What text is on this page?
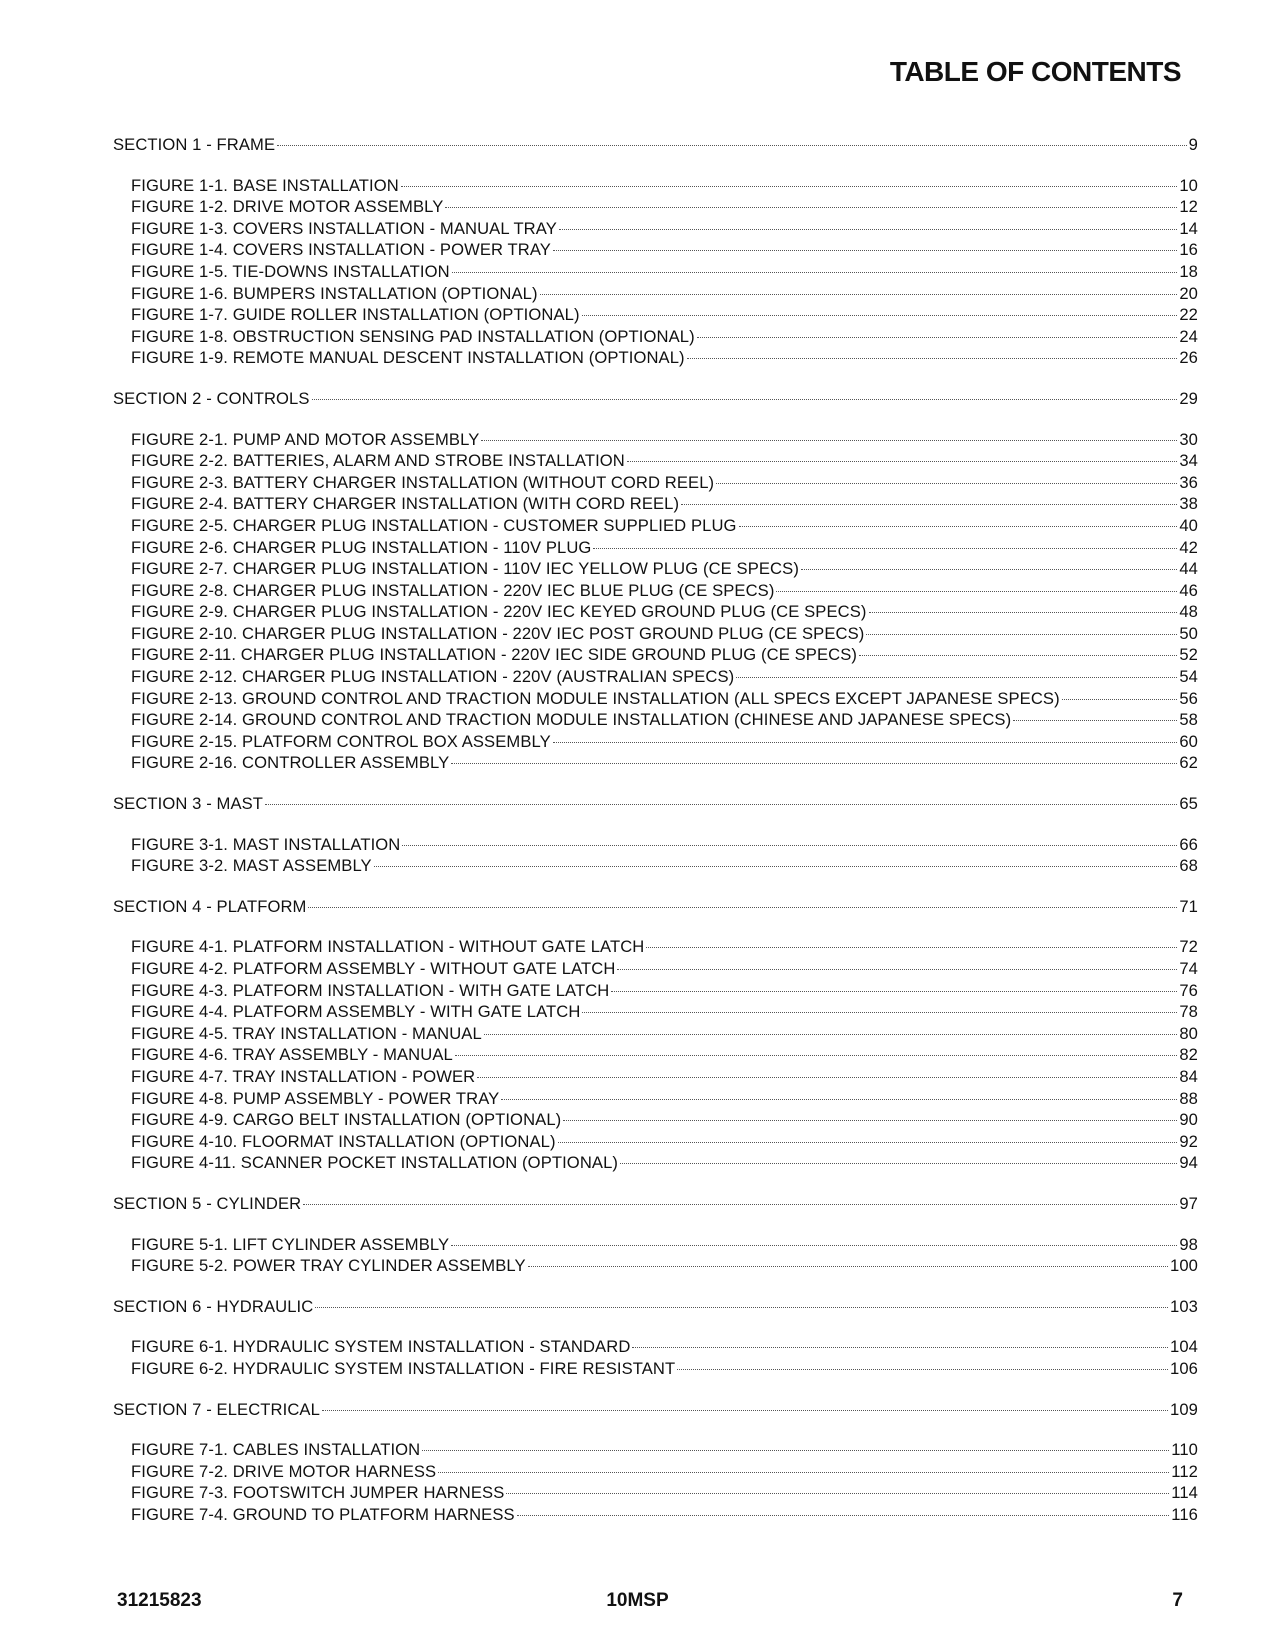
TABLE OF CONTENTS
SECTION 1 - FRAME	9
FIGURE 1-1. BASE INSTALLATION	10
FIGURE 1-2. DRIVE MOTOR ASSEMBLY	12
FIGURE 1-3. COVERS INSTALLATION - MANUAL TRAY	14
FIGURE 1-4. COVERS INSTALLATION - POWER TRAY	16
FIGURE 1-5. TIE-DOWNS INSTALLATION	18
FIGURE 1-6. BUMPERS INSTALLATION (OPTIONAL)	20
FIGURE 1-7. GUIDE ROLLER INSTALLATION (OPTIONAL)	22
FIGURE 1-8. OBSTRUCTION SENSING PAD INSTALLATION (OPTIONAL)	24
FIGURE 1-9. REMOTE MANUAL DESCENT INSTALLATION (OPTIONAL)	26
SECTION 2 - CONTROLS	29
FIGURE 2-1. PUMP AND MOTOR ASSEMBLY	30
FIGURE 2-2. BATTERIES, ALARM AND STROBE INSTALLATION	34
FIGURE 2-3. BATTERY CHARGER INSTALLATION (WITHOUT CORD REEL)	36
FIGURE 2-4. BATTERY CHARGER INSTALLATION (WITH CORD REEL)	38
FIGURE 2-5. CHARGER PLUG INSTALLATION - CUSTOMER SUPPLIED PLUG	40
FIGURE 2-6. CHARGER PLUG INSTALLATION - 110V PLUG	42
FIGURE 2-7. CHARGER PLUG INSTALLATION - 110V IEC YELLOW PLUG (CE SPECS)	44
FIGURE 2-8. CHARGER PLUG INSTALLATION - 220V IEC BLUE PLUG (CE SPECS)	46
FIGURE 2-9. CHARGER PLUG INSTALLATION - 220V IEC KEYED GROUND PLUG (CE SPECS)	48
FIGURE 2-10. CHARGER PLUG INSTALLATION - 220V IEC POST GROUND PLUG (CE SPECS)	50
FIGURE 2-11. CHARGER PLUG INSTALLATION - 220V IEC SIDE GROUND PLUG (CE SPECS)	52
FIGURE 2-12. CHARGER PLUG INSTALLATION - 220V (AUSTRALIAN SPECS)	54
FIGURE 2-13. GROUND CONTROL AND TRACTION MODULE INSTALLATION (ALL SPECS EXCEPT JAPANESE SPECS)	56
FIGURE 2-14. GROUND CONTROL AND TRACTION MODULE INSTALLATION (CHINESE AND JAPANESE SPECS)	58
FIGURE 2-15. PLATFORM CONTROL BOX ASSEMBLY	60
FIGURE 2-16. CONTROLLER ASSEMBLY	62
SECTION 3 - MAST	65
FIGURE 3-1. MAST INSTALLATION	66
FIGURE 3-2. MAST ASSEMBLY	68
SECTION 4 - PLATFORM	71
FIGURE 4-1. PLATFORM INSTALLATION - WITHOUT GATE LATCH	72
FIGURE 4-2. PLATFORM ASSEMBLY - WITHOUT GATE LATCH	74
FIGURE 4-3. PLATFORM INSTALLATION - WITH GATE LATCH	76
FIGURE 4-4. PLATFORM ASSEMBLY - WITH GATE LATCH	78
FIGURE 4-5. TRAY INSTALLATION - MANUAL	80
FIGURE 4-6. TRAY ASSEMBLY - MANUAL	82
FIGURE 4-7. TRAY INSTALLATION - POWER	84
FIGURE 4-8. PUMP ASSEMBLY - POWER TRAY	88
FIGURE 4-9. CARGO BELT INSTALLATION (OPTIONAL)	90
FIGURE 4-10. FLOORMAT INSTALLATION (OPTIONAL)	92
FIGURE 4-11. SCANNER POCKET INSTALLATION (OPTIONAL)	94
SECTION 5 - CYLINDER	97
FIGURE 5-1. LIFT CYLINDER ASSEMBLY	98
FIGURE 5-2. POWER TRAY CYLINDER ASSEMBLY	100
SECTION 6 - HYDRAULIC	103
FIGURE 6-1. HYDRAULIC SYSTEM INSTALLATION - STANDARD	104
FIGURE 6-2. HYDRAULIC SYSTEM INSTALLATION - FIRE RESISTANT	106
SECTION 7 - ELECTRICAL	109
FIGURE 7-1. CABLES INSTALLATION	110
FIGURE 7-2. DRIVE MOTOR HARNESS	112
FIGURE 7-3. FOOTSWITCH JUMPER HARNESS	114
FIGURE 7-4. GROUND TO PLATFORM HARNESS	116
31215823	10MSP	7
